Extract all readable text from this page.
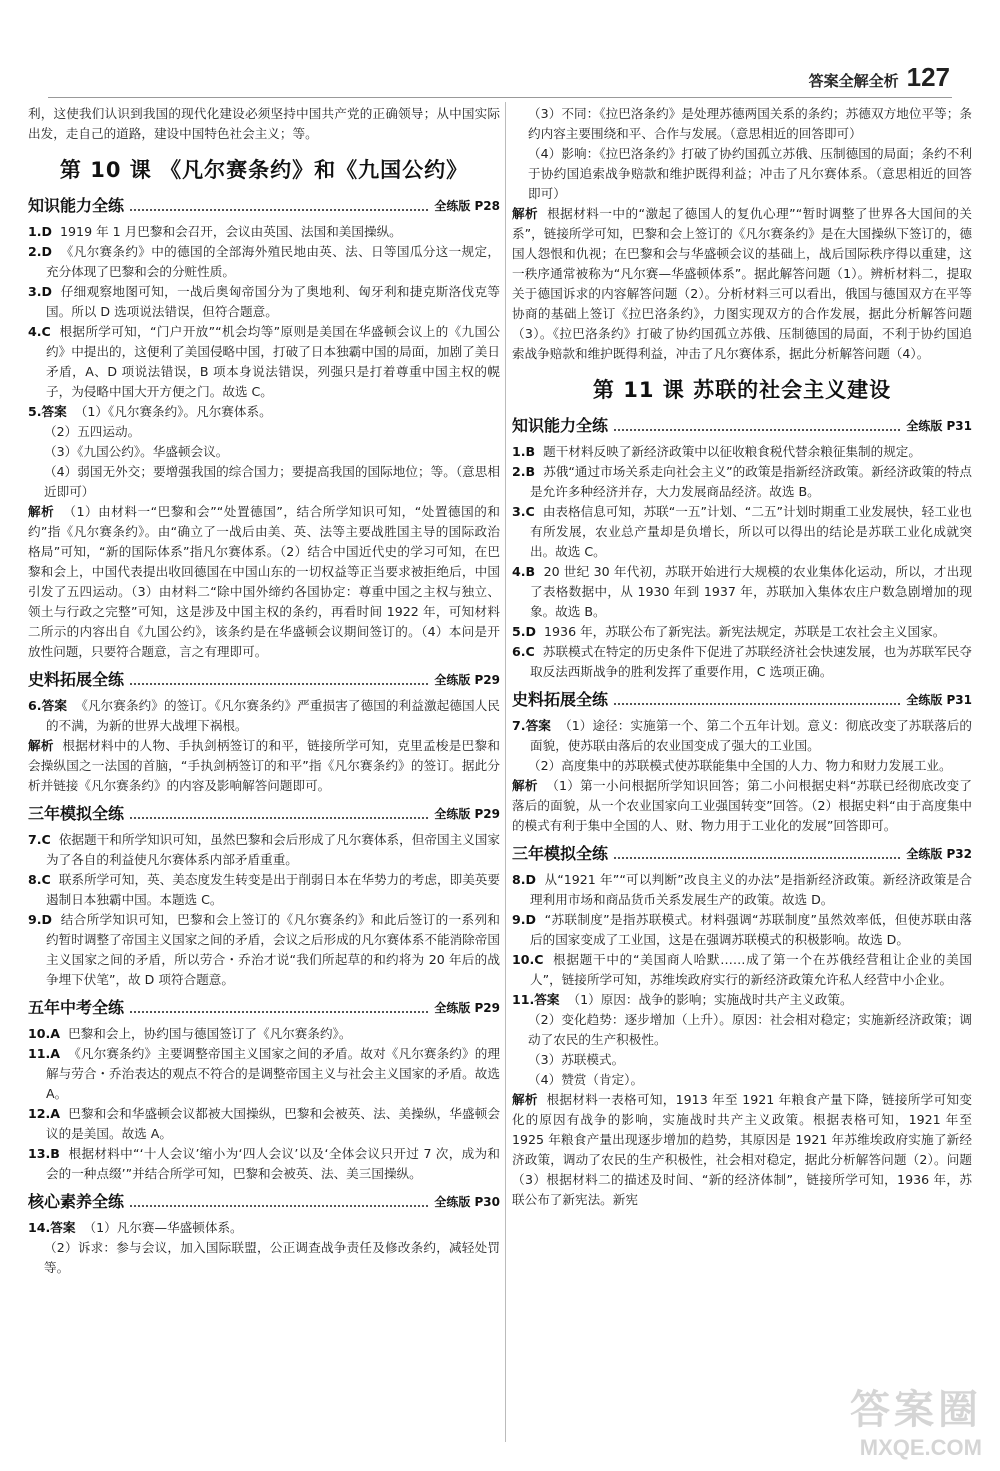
答案全解全析 127

利，这使我们认识到我国的现代化建设必须坚持中国共产党的正确领导；从中国实际出发，走自己的道路，建设中国特色社会主义；等。

第 10 课 《凡尔赛条约》和《九国公约》
知识能力全练	全练版 P28

1.D 1919 年 1 月巴黎和会召开，会议由英国、法国和美国操纵。

2.D 《凡尔赛条约》中的德国的全部海外殖民地由英、法、日等国瓜分这一规定，充分体现了巴黎和会的分赃性质。

3.D 仔细观察地图可知，一战后奥匈帝国分为了奥地利、匈牙利和捷克斯洛伐克等国。所以 D 选项说法错误，但符合题意。

4.C 根据所学可知，“门户开放”“机会均等”原则是美国在华盛顿会议上的《九国公约》中提出的，这便利了美国侵略中国，打破了日本独霸中国的局面，加剧了美日矛盾，A、D 项说法错误，B 项本身说法错误，列强只是打着尊重中国主权的幌子，为侵略中国大开方便之门。故选 C。

5.答案 （1）《凡尔赛条约》。凡尔赛体系。

（2）五四运动。

（3）《九国公约》。华盛顿会议。

（4）弱国无外交；要增强我国的综合国力；要提高我国的国际地位；等。（意思相近即可）

解析 （1）由材料一“巴黎和会”“处置德国”，结合所学知识可知，“处置德国的和约”指《凡尔赛条约》。由“确立了一战后由美、英、法等主要战胜国主导的国际政治格局”可知，“新的国际体系”指凡尔赛体系。（2）结合中国近代史的学习可知，在巴黎和会上，中国代表提出收回德国在中国山东的一切权益等正当要求被拒绝后，中国引发了五四运动。（3）由材料二“除中国外缔约各国协定：尊重中国之主权与独立、领土与行政之完整”可知，这是涉及中国主权的条约，再看时间 1922 年，可知材料二所示的内容出自《九国公约》，该条约是在华盛顿会议期间签订的。（4）本问是开放性问题，只要符合题意，言之有理即可。

史料拓展全练	全练版 P29

6.答案 《凡尔赛条约》的签订。《凡尔赛条约》严重损害了德国的利益激起德国人民的不满，为新的世界大战埋下祸根。

解析 根据材料中的人物、手执剑柄签订的和平，链接所学可知，克里孟梭是巴黎和会操纵国之一法国的首脑，“手执剑柄签订的和平”指《凡尔赛条约》的签订。据此分析并链接《凡尔赛条约》的内容及影响解答问题即可。

三年模拟全练	全练版 P29

7.C 依据题干和所学知识可知，虽然巴黎和会后形成了凡尔赛体系，但帝国主义国家为了各自的利益使凡尔赛体系内部矛盾重重。

8.C 联系所学可知，英、美态度发生转变是出于削弱日本在华势力的考虑，即美英要遏制日本独霸中国。本题选 C。

9.D 结合所学知识可知，巴黎和会上签订的《凡尔赛条约》和此后签订的一系列和约暂时调整了帝国主义国家之间的矛盾，会议之后形成的凡尔赛体系不能消除帝国主义国家之间的矛盾，所以劳合・乔治才说“我们所起草的和约将为 20 年后的战争埋下伏笔”，故 D 项符合题意。

五年中考全练	全练版 P29

10.A 巴黎和会上，协约国与德国签订了《凡尔赛条约》。

11.A 《凡尔赛条约》主要调整帝国主义国家之间的矛盾。故对《凡尔赛条约》的理解与劳合・乔治表达的观点不符合的是调整帝国主义与社会主义国家的矛盾。故选 A。

12.A 巴黎和会和华盛顿会议都被大国操纵，巴黎和会被英、法、美操纵，华盛顿会议的是美国。故选 A。

13.B 根据材料中“‘十人会议’缩小为‘四人会议’以及‘全体会议只开过 7 次，成为和会的一种点缀’”并结合所学可知，巴黎和会被英、法、美三国操纵。

核心素养全练	全练版 P30

14.答案 （1）凡尔赛—华盛顿体系。

（2）诉求：参与会议，加入国际联盟，公正调查战争责任及修改条约，减轻处罚等。

（3）不同：《拉巴洛条约》是处理苏德两国关系的条约；苏德双方地位平等；条约内容主要围绕和平、合作与发展。（意思相近的回答即可）

（4）影响：《拉巴洛条约》打破了协约国孤立苏俄、压制德国的局面；条约不利于协约国追索战争赔款和维护既得利益；冲击了凡尔赛体系。（意思相近的回答即可）

解析 根据材料一中的“激起了德国人的复仇心理”“暂时调整了世界各大国间的关系”，链接所学可知，巴黎和会上签订的《凡尔赛条约》是在大国操纵下签订的，德国人怨恨和仇视；在巴黎和会与华盛顿会议的基础上，战后国际秩序得以重建，这一秩序通常被称为“凡尔赛—华盛顿体系”。据此解答问题（1）。辨析材料二，提取关于德国诉求的内容解答问题（2）。分析材料三可以看出，俄国与德国双方在平等协商的基础上签订《拉巴洛条约》，力图实现双方的合作发展，据此分析解答问题（3）。《拉巴洛条约》打破了协约国孤立苏俄、压制德国的局面，不利于协约国追索战争赔款和维护既得利益，冲击了凡尔赛体系，据此分析解答问题（4）。

第 11 课 苏联的社会主义建设
知识能力全练	全练版 P31

1.B 题干材料反映了新经济政策中以征收粮食税代替余粮征集制的规定。

2.B 苏俄“通过市场关系走向社会主义”的政策是指新经济政策。新经济政策的特点是允许多种经济并存，大力发展商品经济。故选 B。

3.C 由表格信息可知，苏联“一五”计划、“二五”计划时期重工业发展快，轻工业也有所发展，农业总产量却是负增长，所以可以得出的结论是苏联工业化成就突出。故选 C。

4.B 20 世纪 30 年代初，苏联开始进行大规模的农业集体化运动，所以，才出现了表格数据中，从 1930 年到 1937 年，苏联加入集体农庄户数急剧增加的现象。故选 B。

5.D 1936 年，苏联公布了新宪法。新宪法规定，苏联是工农社会主义国家。

6.C 苏联模式在特定的历史条件下促进了苏联经济社会快速发展，也为苏联军民夺取反法西斯战争的胜利发挥了重要作用，C 选项正确。

史料拓展全练	全练版 P31

7.答案 （1）途径：实施第一个、第二个五年计划。意义：彻底改变了苏联落后的面貌，使苏联由落后的农业国变成了强大的工业国。

（2）高度集中的苏联模式使苏联能集中全国的人力、物力和财力发展工业。

解析 （1）第一小问根据所学知识回答；第二小问根据史料“苏联已经彻底改变了落后的面貌，从一个农业国家向工业强国转变”回答。（2）根据史料“由于高度集中的模式有利于集中全国的人、财、物力用于工业化的发展”回答即可。

三年模拟全练	全练版 P32

8.D 从“1921 年”“可以判断”改良主义的办法”是指新经济政策。新经济政策是合理利用市场和商品货币关系发展生产的政策。故选 D。

9.D “苏联制度”是指苏联模式。材料强调“苏联制度”虽然效率低，但使苏联由落后的国家变成了工业国，这是在强调苏联模式的积极影响。故选 D。

10.C 根据题干中的“美国商人哈默……成了第一个在苏俄经营租让企业的美国人”，链接所学可知，苏维埃政府实行的新经济政策允许私人经营中小企业。

11.答案 （1）原因：战争的影响；实施战时共产主义政策。

（2）变化趋势：逐步增加（上升）。原因：社会相对稳定；实施新经济政策；调动了农民的生产积极性。

（3）苏联模式。

（4）赞赏（肯定）。

解析 根据材料一表格可知，1913 年至 1921 年粮食产量下降，链接所学可知变化的原因有战争的影响，实施战时共产主义政策。根据表格可知，1921 年至 1925 年粮食产量出现逐步增加的趋势，其原因是 1921 年苏维埃政府实施了新经济政策，调动了农民的生产积极性，社会相对稳定，据此分析解答问题（2）。问题（3）根据材料二的描述及时间、“新的经济体制”，链接所学可知，1936 年，苏联公布了新宪法。新宪

答案圈
MXQE.COM
